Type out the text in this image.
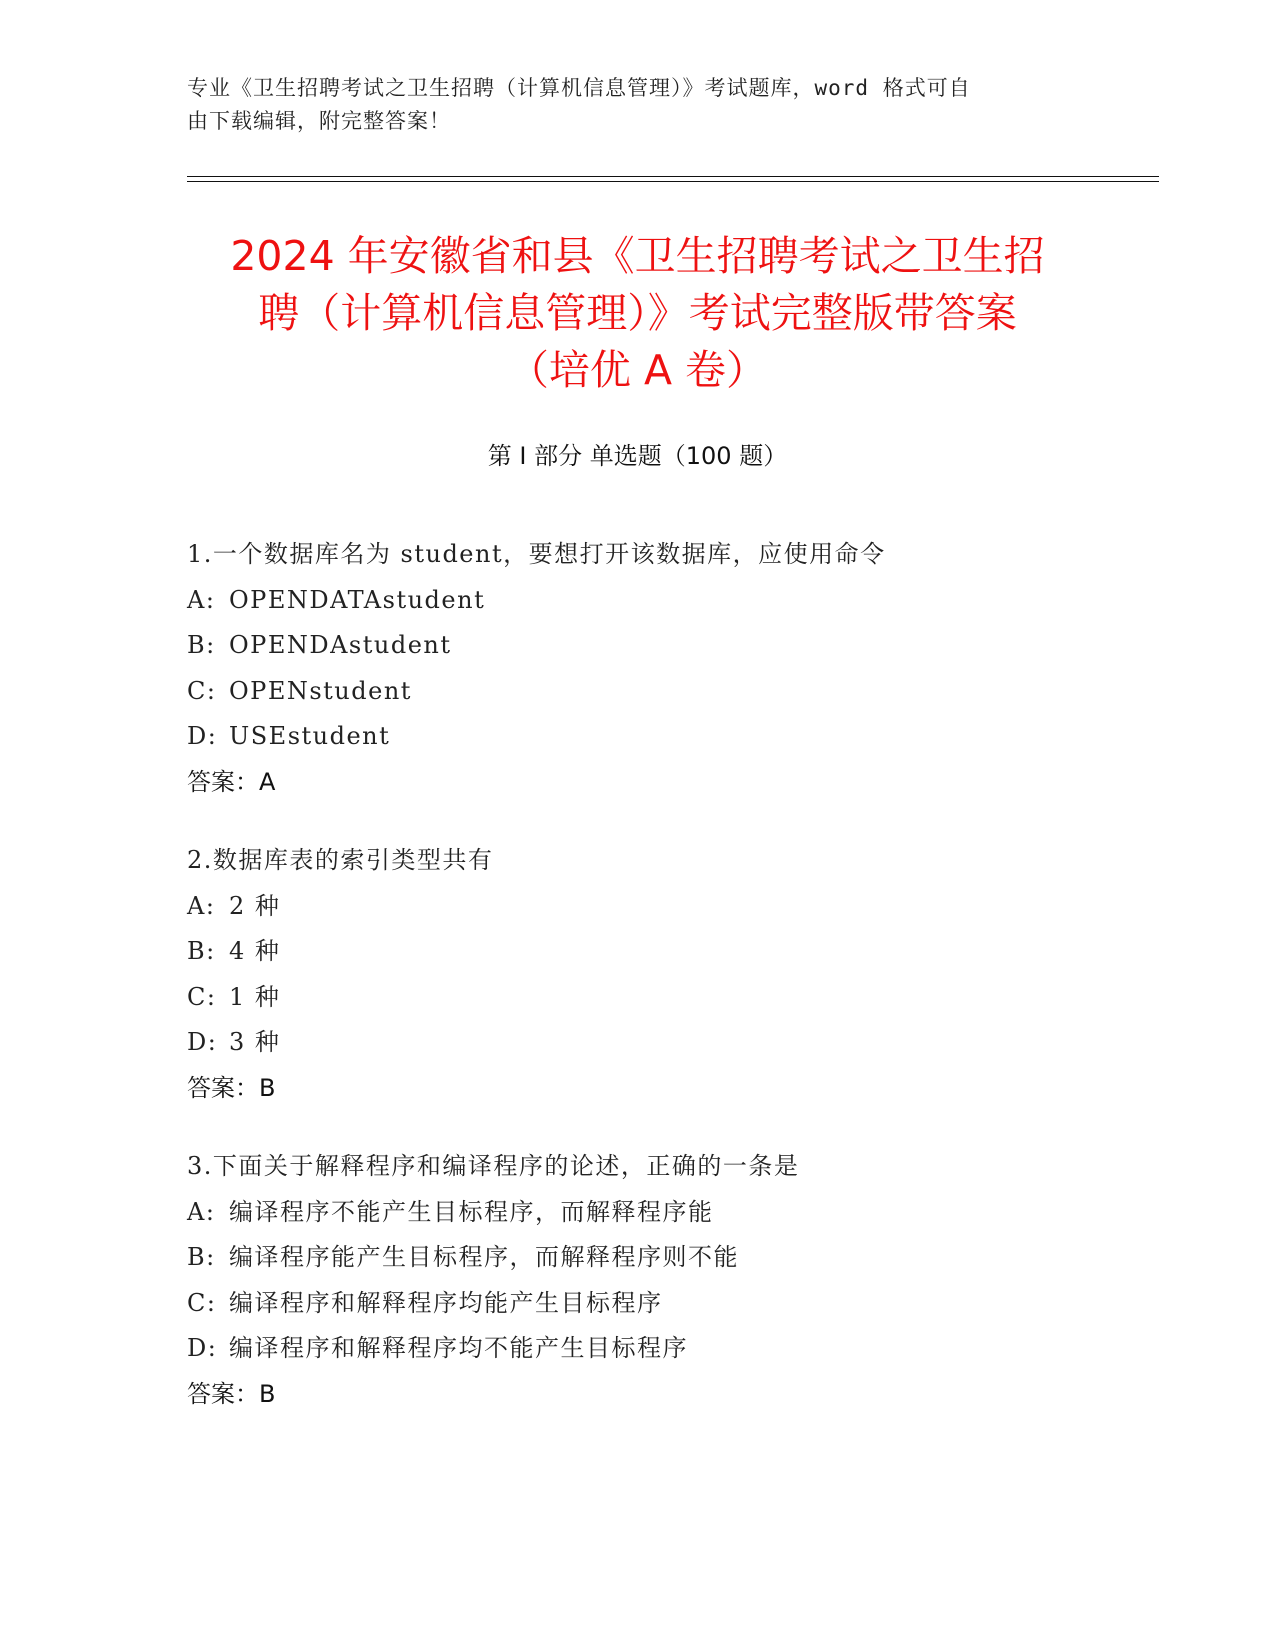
专业《卫生招聘考试之卫生招聘（计算机信息管理）》考试题库，word 格式可自
由下载编辑，附完整答案！
2024 年安徽省和县《卫生招聘考试之卫生招
聘（计算机信息管理）》考试完整版带答案
（培优 A 卷）
第 I 部分 单选题（100 题）
1.一个数据库名为 student，要想打开该数据库，应使用命令
A: OPENDATAstudent
B: OPENDAstudent
C: OPENstudent
D: USEstudent
答案：A
2.数据库表的索引类型共有
A: 2 种
B: 4 种
C: 1 种
D: 3 种
答案：B
3.下面关于解释程序和编译程序的论述，正确的一条是
A: 编译程序不能产生目标程序，而解释程序能
B: 编译程序能产生目标程序，而解释程序则不能
C: 编译程序和解释程序均能产生目标程序
D: 编译程序和解释程序均不能产生目标程序
答案：B
